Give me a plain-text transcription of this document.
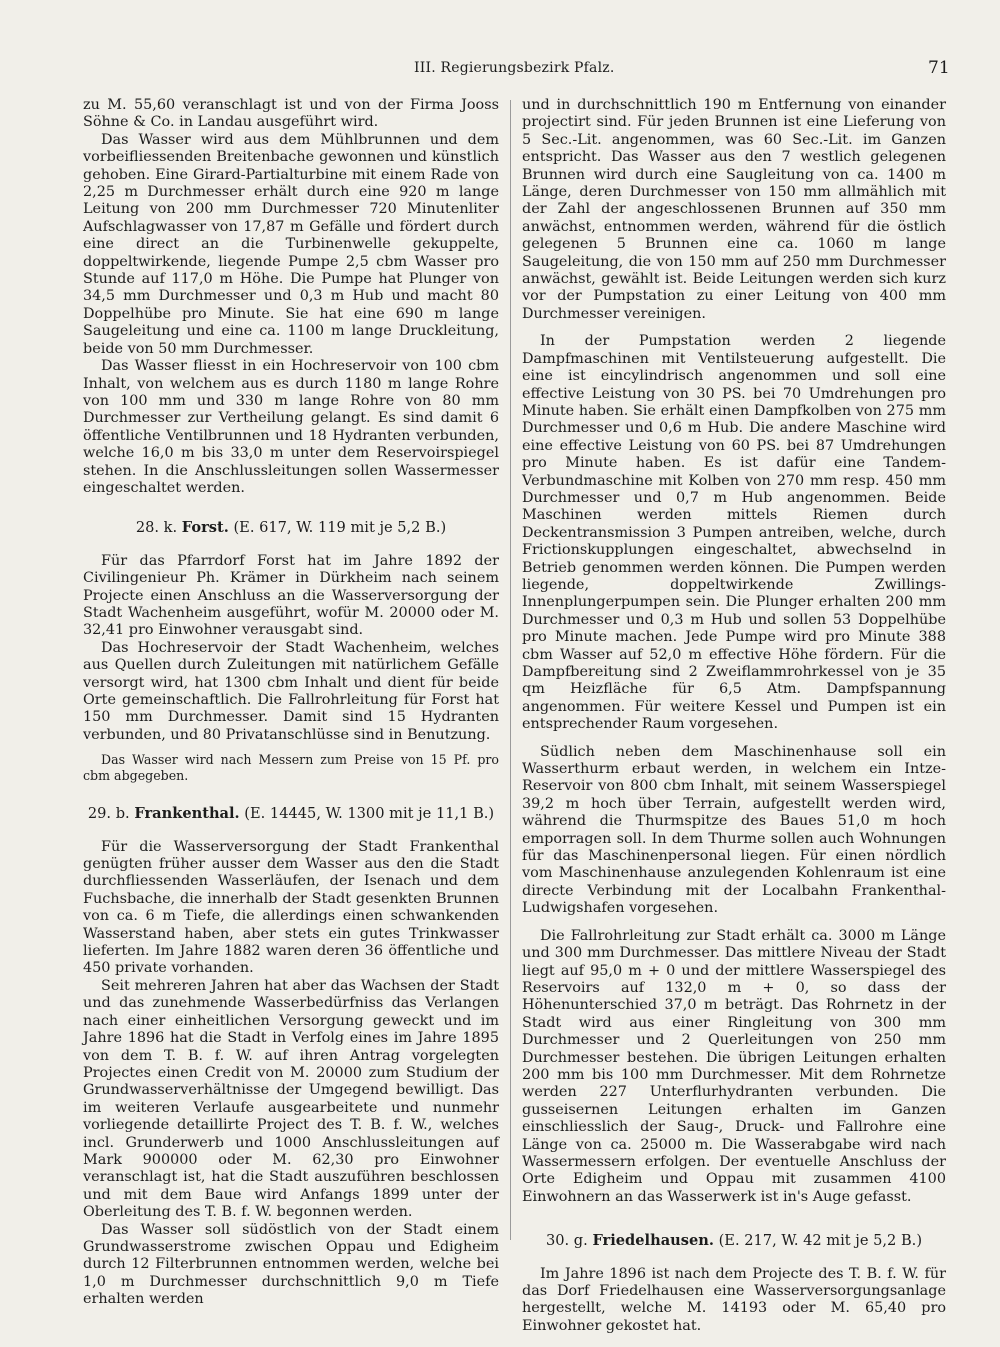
III. Regierungsbezirk Pfalz.	71

zu M. 55,60 veranschlagt ist und von der Firma Jooss Söhne & Co. in Landau ausgeführt wird.

Das Wasser wird aus dem Mühlbrunnen und dem vorbeifliessenden Breitenbache gewonnen und künstlich gehoben. Eine Girard-Partialturbine mit einem Rade von 2,25 m Durchmesser erhält durch eine 920 m lange Leitung von 200 mm Durchmesser 720 Minutenliter Aufschlagwasser von 17,87 m Gefälle und fördert durch eine direct an die Turbinenwelle gekuppelte, doppeltwirkende, liegende Pumpe 2,5 cbm Wasser pro Stunde auf 117,0 m Höhe. Die Pumpe hat Plunger von 34,5 mm Durchmesser und 0,3 m Hub und macht 80 Doppelhübe pro Minute. Sie hat eine 690 m lange Saugeleitung und eine ca. 1100 m lange Druckleitung, beide von 50 mm Durchmesser.

Das Wasser fliesst in ein Hochreservoir von 100 cbm Inhalt, von welchem aus es durch 1180 m lange Rohre von 100 mm und 330 m lange Rohre von 80 mm Durchmesser zur Vertheilung gelangt. Es sind damit 6 öffentliche Ventilbrunnen und 18 Hydranten verbunden, welche 16,0 m bis 33,0 m unter dem Reservoirspiegel stehen. In die Anschlussleitungen sollen Wassermesser eingeschaltet werden.

28. k. Forst. (E. 617, W. 119 mit je 5,2 B.)

Für das Pfarrdorf Forst hat im Jahre 1892 der Civilingenieur Ph. Krämer in Dürkheim nach seinem Projecte einen Anschluss an die Wasserversorgung der Stadt Wachenheim ausgeführt, wofür M. 20000 oder M. 32,41 pro Einwohner verausgabt sind.

Das Hochreservoir der Stadt Wachenheim, welches aus Quellen durch Zuleitungen mit natürlichem Gefälle versorgt wird, hat 1300 cbm Inhalt und dient für beide Orte gemeinschaftlich. Die Fallrohrleitung für Forst hat 150 mm Durchmesser. Damit sind 15 Hydranten verbunden, und 80 Privatanschlüsse sind in Benutzung.

Das Wasser wird nach Messern zum Preise von 15 Pf. pro cbm abgegeben.

29. b. Frankenthal. (E. 14445, W. 1300 mit je 11,1 B.)

Für die Wasserversorgung der Stadt Frankenthal genügten früher ausser dem Wasser aus den die Stadt durchfliessenden Wasserläufen, der Isenach und dem Fuchsbache, die innerhalb der Stadt gesenkten Brunnen von ca. 6 m Tiefe, die allerdings einen schwankenden Wasserstand haben, aber stets ein gutes Trinkwasser lieferten. Im Jahre 1882 waren deren 36 öffentliche und 450 private vorhanden.

Seit mehreren Jahren hat aber das Wachsen der Stadt und das zunehmende Wasserbedürfniss das Verlangen nach einer einheitlichen Versorgung geweckt und im Jahre 1896 hat die Stadt in Verfolg eines im Jahre 1895 von dem T. B. f. W. auf ihren Antrag vorgelegten Projectes einen Credit von M. 20000 zum Studium der Grundwasserverhältnisse der Umgegend bewilligt. Das im weiteren Verlaufe ausgearbeitete und nunmehr vorliegende detaillirte Project des T. B. f. W., welches incl. Grunderwerb und 1000 Anschlussleitungen auf Mark 900000 oder M. 62,30 pro Einwohner veranschlagt ist, hat die Stadt auszuführen beschlossen und mit dem Baue wird Anfangs 1899 unter der Oberleitung des T. B. f. W. begonnen werden.

Das Wasser soll südöstlich von der Stadt einem Grundwasserstrome zwischen Oppau und Edigheim durch 12 Filterbrunnen entnommen werden, welche bei 1,0 m Durchmesser durchschnittlich 9,0 m Tiefe erhalten werden

und in durchschnittlich 190 m Entfernung von einander projectirt sind. Für jeden Brunnen ist eine Lieferung von 5 Sec.-Lit. angenommen, was 60 Sec.-Lit. im Ganzen entspricht. Das Wasser aus den 7 westlich gelegenen Brunnen wird durch eine Saugleitung von ca. 1400 m Länge, deren Durchmesser von 150 mm allmählich mit der Zahl der angeschlossenen Brunnen auf 350 mm anwächst, entnommen werden, während für die östlich gelegenen 5 Brunnen eine ca. 1060 m lange Saugeleitung, die von 150 mm auf 250 mm Durchmesser anwächst, gewählt ist. Beide Leitungen werden sich kurz vor der Pumpstation zu einer Leitung von 400 mm Durchmesser vereinigen.

In der Pumpstation werden 2 liegende Dampfmaschinen mit Ventilsteuerung aufgestellt. Die eine ist eincylindrisch angenommen und soll eine effective Leistung von 30 PS. bei 70 Umdrehungen pro Minute haben. Sie erhält einen Dampfkolben von 275 mm Durchmesser und 0,6 m Hub. Die andere Maschine wird eine effective Leistung von 60 PS. bei 87 Umdrehungen pro Minute haben. Es ist dafür eine Tandem-Verbundmaschine mit Kolben von 270 mm resp. 450 mm Durchmesser und 0,7 m Hub angenommen. Beide Maschinen werden mittels Riemen durch Deckentransmission 3 Pumpen antreiben, welche, durch Frictionskupplungen eingeschaltet, abwechselnd in Betrieb genommen werden können. Die Pumpen werden liegende, doppeltwirkende Zwillings-Innenplungerpumpen sein. Die Plunger erhalten 200 mm Durchmesser und 0,3 m Hub und sollen 53 Doppelhübe pro Minute machen. Jede Pumpe wird pro Minute 388 cbm Wasser auf 52,0 m effective Höhe fördern. Für die Dampfbereitung sind 2 Zweiflammrohrkessel von je 35 qm Heizfläche für 6,5 Atm. Dampfspannung angenommen. Für weitere Kessel und Pumpen ist ein entsprechender Raum vorgesehen.

Südlich neben dem Maschinenhause soll ein Wasserthurm erbaut werden, in welchem ein Intze-Reservoir von 800 cbm Inhalt, mit seinem Wasserspiegel 39,2 m hoch über Terrain, aufgestellt werden wird, während die Thurmspitze des Baues 51,0 m hoch emporragen soll. In dem Thurme sollen auch Wohnungen für das Maschinenpersonal liegen. Für einen nördlich vom Maschinenhause anzulegenden Kohlenraum ist eine directe Verbindung mit der Localbahn Frankenthal-Ludwigshafen vorgesehen.

Die Fallrohrleitung zur Stadt erhält ca. 3000 m Länge und 300 mm Durchmesser. Das mittlere Niveau der Stadt liegt auf 95,0 m + 0 und der mittlere Wasserspiegel des Reservoirs auf 132,0 m + 0, so dass der Höhenunterschied 37,0 m beträgt. Das Rohrnetz in der Stadt wird aus einer Ringleitung von 300 mm Durchmesser und 2 Querleitungen von 250 mm Durchmesser bestehen. Die übrigen Leitungen erhalten 200 mm bis 100 mm Durchmesser. Mit dem Rohrnetze werden 227 Unterflurhydranten verbunden. Die gusseisernen Leitungen erhalten im Ganzen einschliesslich der Saug-, Druck- und Fallrohre eine Länge von ca. 25000 m. Die Wasserabgabe wird nach Wassermessern erfolgen. Der eventuelle Anschluss der Orte Edigheim und Oppau mit zusammen 4100 Einwohnern an das Wasserwerk ist in's Auge gefasst.

30. g. Friedelhausen. (E. 217, W. 42 mit je 5,2 B.)

Im Jahre 1896 ist nach dem Projecte des T. B. f. W. für das Dorf Friedelhausen eine Wasserversorgungsanlage hergestellt, welche M. 14193 oder M. 65,40 pro Einwohner gekostet hat.
